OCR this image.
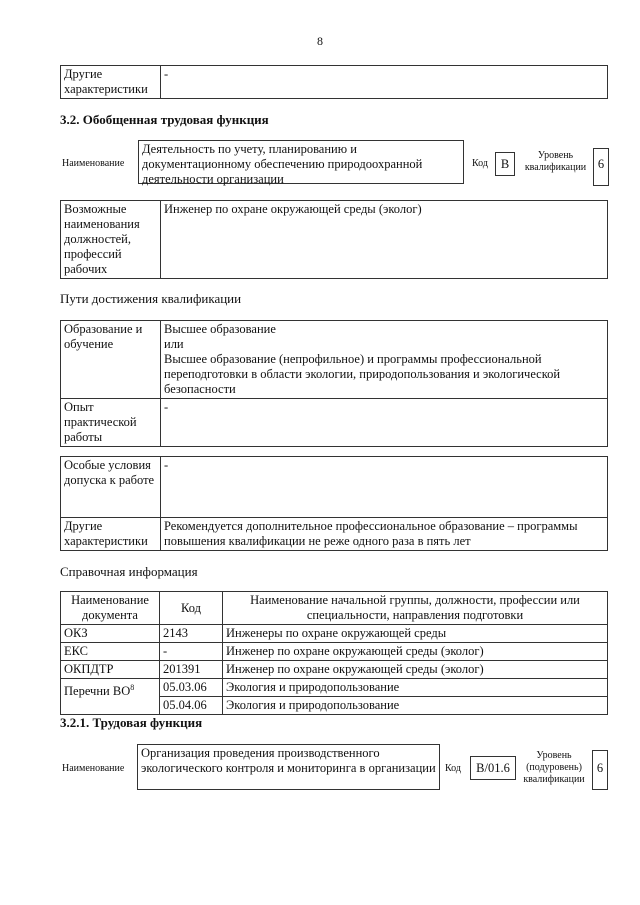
8
Другие характеристики	-
3.2. Обобщенная трудовая функция
Наименование
Деятельность по учету, планированию и документационному обеспечению природоохранной деятельности организации
Код	B
Уровень квалификации 6
Возможные наименования должностей, профессий рабочих	Инженер по охране окружающей среды (эколог)
Пути достижения квалификации
Образование и обучение	Высшее образование
или
Высшее образование (непрофильное) и программы профессиональной переподготовки в области экологии, природопользования и экологической безопасности

Опыт практической работы	-
Особые условия допуска к работе	-
Другие характеристики	Рекомендуется дополнительное профессиональное образование – программы повышения квалификации не реже одного раза в пять лет
Справочная информация
Наименование документа	Код	Наименование начальной группы, должности, профессии или специальности, направления подготовки
ОКЗ	2143	Инженеры по охране окружающей среды
ЕКС	-	Инженер по охране окружающей среды (эколог)
ОКПДТР	201391	Инженер по охране окружающей среды (эколог)
Перечни $ВО^8$	05.03.06	Экология и природопользование
	05.04.06	Экология и природопользование
3.2.1. Трудовая функция
Наименование
Организация проведения производственного экологического контроля и мониторинга в организации Код	B/01.6
Уровень (подуровень) квалификации
6
